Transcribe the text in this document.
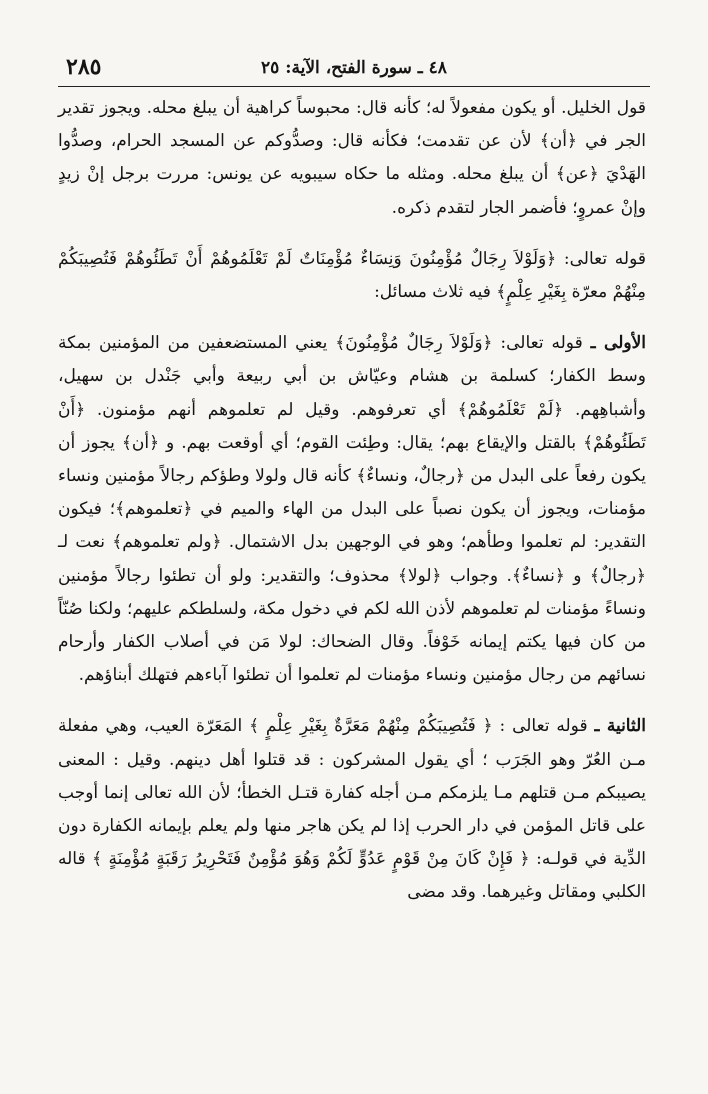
٢٨٥	٤٨ ـ سورة الفتح، الآية: ٢٥

قول الخليل. أو يكون مفعولاً له؛ كأنه قال: محبوساً كراهية أن يبلغ محله. ويجوز تقدير الجر في ﴿أن﴾ لأن عن تقدمت؛ فكأنه قال: وصدُّوكم عن المسجد الحرام، وصدُّوا الهَدْيَ ﴿عن﴾ أن يبلغ محله. ومثله ما حكاه سيبويه عن يونس: مررت برجل إنْ زيدٍ وإنْ عمروٍ؛ فأضمر الجار لتقدم ذكره.

قوله تعالى: ﴿وَلَوْلاَ رِجَالٌ مُؤْمِنُونَ وَنِسَاءٌ مُؤْمِنَاتٌ لَمْ تَعْلَمُوهُمْ أَنْ تَطَئُوهُمْ فَتُصِيبَكُمْ مِنْهُمْ معرّة بِغَيْرِ عِلْمٍ﴾ فيه ثلاث مسائل:

الأولى ـ قوله تعالى: ﴿وَلَوْلاَ رِجَالٌ مُؤْمِنُونَ﴾ يعني المستضعفين من المؤمنين بمكة وسط الكفار؛ كسلمة بن هشام وعيّاش بن أبي ربيعة وأبي جَنْدل بن سهيل، وأشباهِهم. ﴿لَمْ تَعْلَمُوهُمْ﴾ أي تعرفوهم. وقيل لم تعلموهم أنهم مؤمنون. ﴿أَنْ تَطَئُوهُمْ﴾ بالقتل والإيقاع بهم؛ يقال: وطِئت القوم؛ أي أوقعت بهم. و ﴿أن﴾ يجوز أن يكون رفعاً على البدل من ﴿رجالٌ، ونساءٌ﴾ كأنه قال ولولا وطؤكم رجالاً مؤمنين ونساء مؤمنات، ويجوز أن يكون نصباً على البدل من الهاء والميم في ﴿تعلموهم﴾؛ فيكون التقدير: لم تعلموا وطأهم؛ وهو في الوجهين بدل الاشتمال. ﴿ولم تعلموهم﴾ نعت لـ ﴿رجالٌ﴾ و ﴿نساءٌ﴾. وجواب ﴿لولا﴾ محذوف؛ والتقدير: ولو أن تطئوا رجالاً مؤمنين ونساءً مؤمنات لم تعلموهم لأذن الله لكم في دخول مكة، ولسلطكم عليهم؛ ولكنا صُنّاً من كان فيها يكتم إيمانه خَوْفاً. وقال الضحاك: لولا مَن في أصلاب الكفار وأرحام نسائهم من رجال مؤمنين ونساء مؤمنات لم تعلموا أن تطئوا آباءهم فتهلك أبناؤهم.

الثانية ـ قوله تعالى : ﴿ فَتُصِيبَكُمْ مِنْهُمْ مَعَرَّةٌ بِغَيْرِ عِلْمٍ ﴾ المَعَرّة العيب، وهي مفعلة مـن العُرّ وهو الجَرَب ؛ أي يقول المشركون : قد قتلوا أهل دينهم. وقيل : المعنى يصيبكم مـن قتلهم مـا يلزمكم مـن أجله كفارة قتـل الخطأ؛ لأن الله تعالى إنما أوجب على قاتل المؤمن في دار الحرب إذا لم يكن هاجر منها ولم يعلم بإيمانه الكفارة دون الدِّية في قولـه: ﴿ فَإِنْ كَانَ مِنْ قَوْمٍ عَدُوٍّ لَكُمْ وَهُوَ مُؤْمِنٌ فَتَحْرِيرُ رَقَبَةٍ مُؤْمِنَةٍ ﴾ قاله الكلبي ومقاتل وغيرهما. وقد مضى
